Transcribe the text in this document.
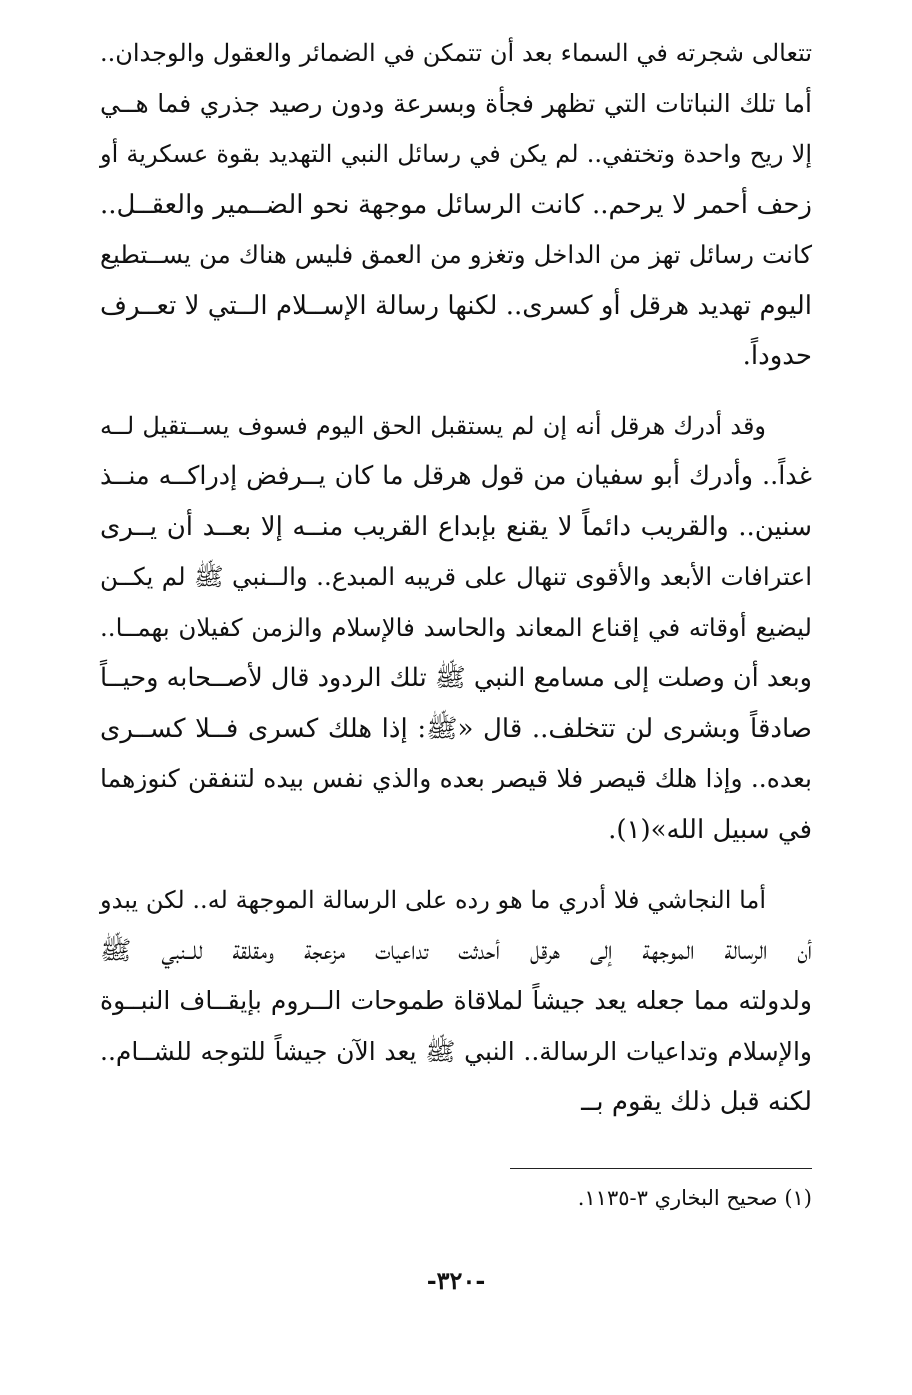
تتعالى شجرته في السماء بعد أن تتمكن في الضمائر والعقول والوجدان..
أما تلك النباتات التي تظهر فجأة وبسرعة ودون رصيد جذري فما هــي
إلا ريح واحدة وتختفي.. لم يكن في رسائل النبي التهديد بقوة عسكرية أو
زحف أحمر لا يرحم.. كانت الرسائل موجهة نحو الضــمير والعقــل..
كانت رسائل تهز من الداخل وتغزو من العمق فليس هناك من يســتطيع
اليوم تهديد هرقل أو كسرى.. لكنها رسالة الإســلام الــتي لا تعــرف
حدوداً.
وقد أدرك هرقل أنه إن لم يستقبل الحق اليوم فسوف يســتقيل لــه
غداً.. وأدرك أبو سفيان من قول هرقل ما كان يــرفض إدراكــه منــذ
سنين.. والقريب دائماً لا يقنع بإبداع القريب منــه إلا بعــد أن يــرى
اعترافات الأبعد والأقوى تنهال على قريبه المبدع.. والــنبي ﷺ لم يكــن
ليضيع أوقاته في إقناع المعاند والحاسد فالإسلام والزمن كفيلان بهمــا..
وبعد أن وصلت إلى مسامع النبي ﷺ تلك الردود قال لأصــحابه وحيــاً
صادقاً وبشرى لن تتخلف.. قال «ﷺ: إذا هلك كسرى فــلا كســرى
بعده.. وإذا هلك قيصر فلا قيصر بعده والذي نفس بيده لتنفقن كنوزهما
في سبيل الله»(١).
أما النجاشي فلا أدري ما هو رده على الرسالة الموجهة له.. لكن يبدو
أن الرسالة الموجهة إلى هرقل أحدثت تداعيات مزعجة ومقلقة للــنبي ﷺ
ولدولته مما جعله يعد جيشاً لملاقاة طموحات الــروم بإيقــاف النبــوة
والإسلام وتداعيات الرسالة.. النبي ﷺ يعد الآن جيشاً للتوجه للشــام..
لكنه قبل ذلك يقوم بــ
(١) صحيح البخاري ٣-١١٣٥.
-٣٢٠-
